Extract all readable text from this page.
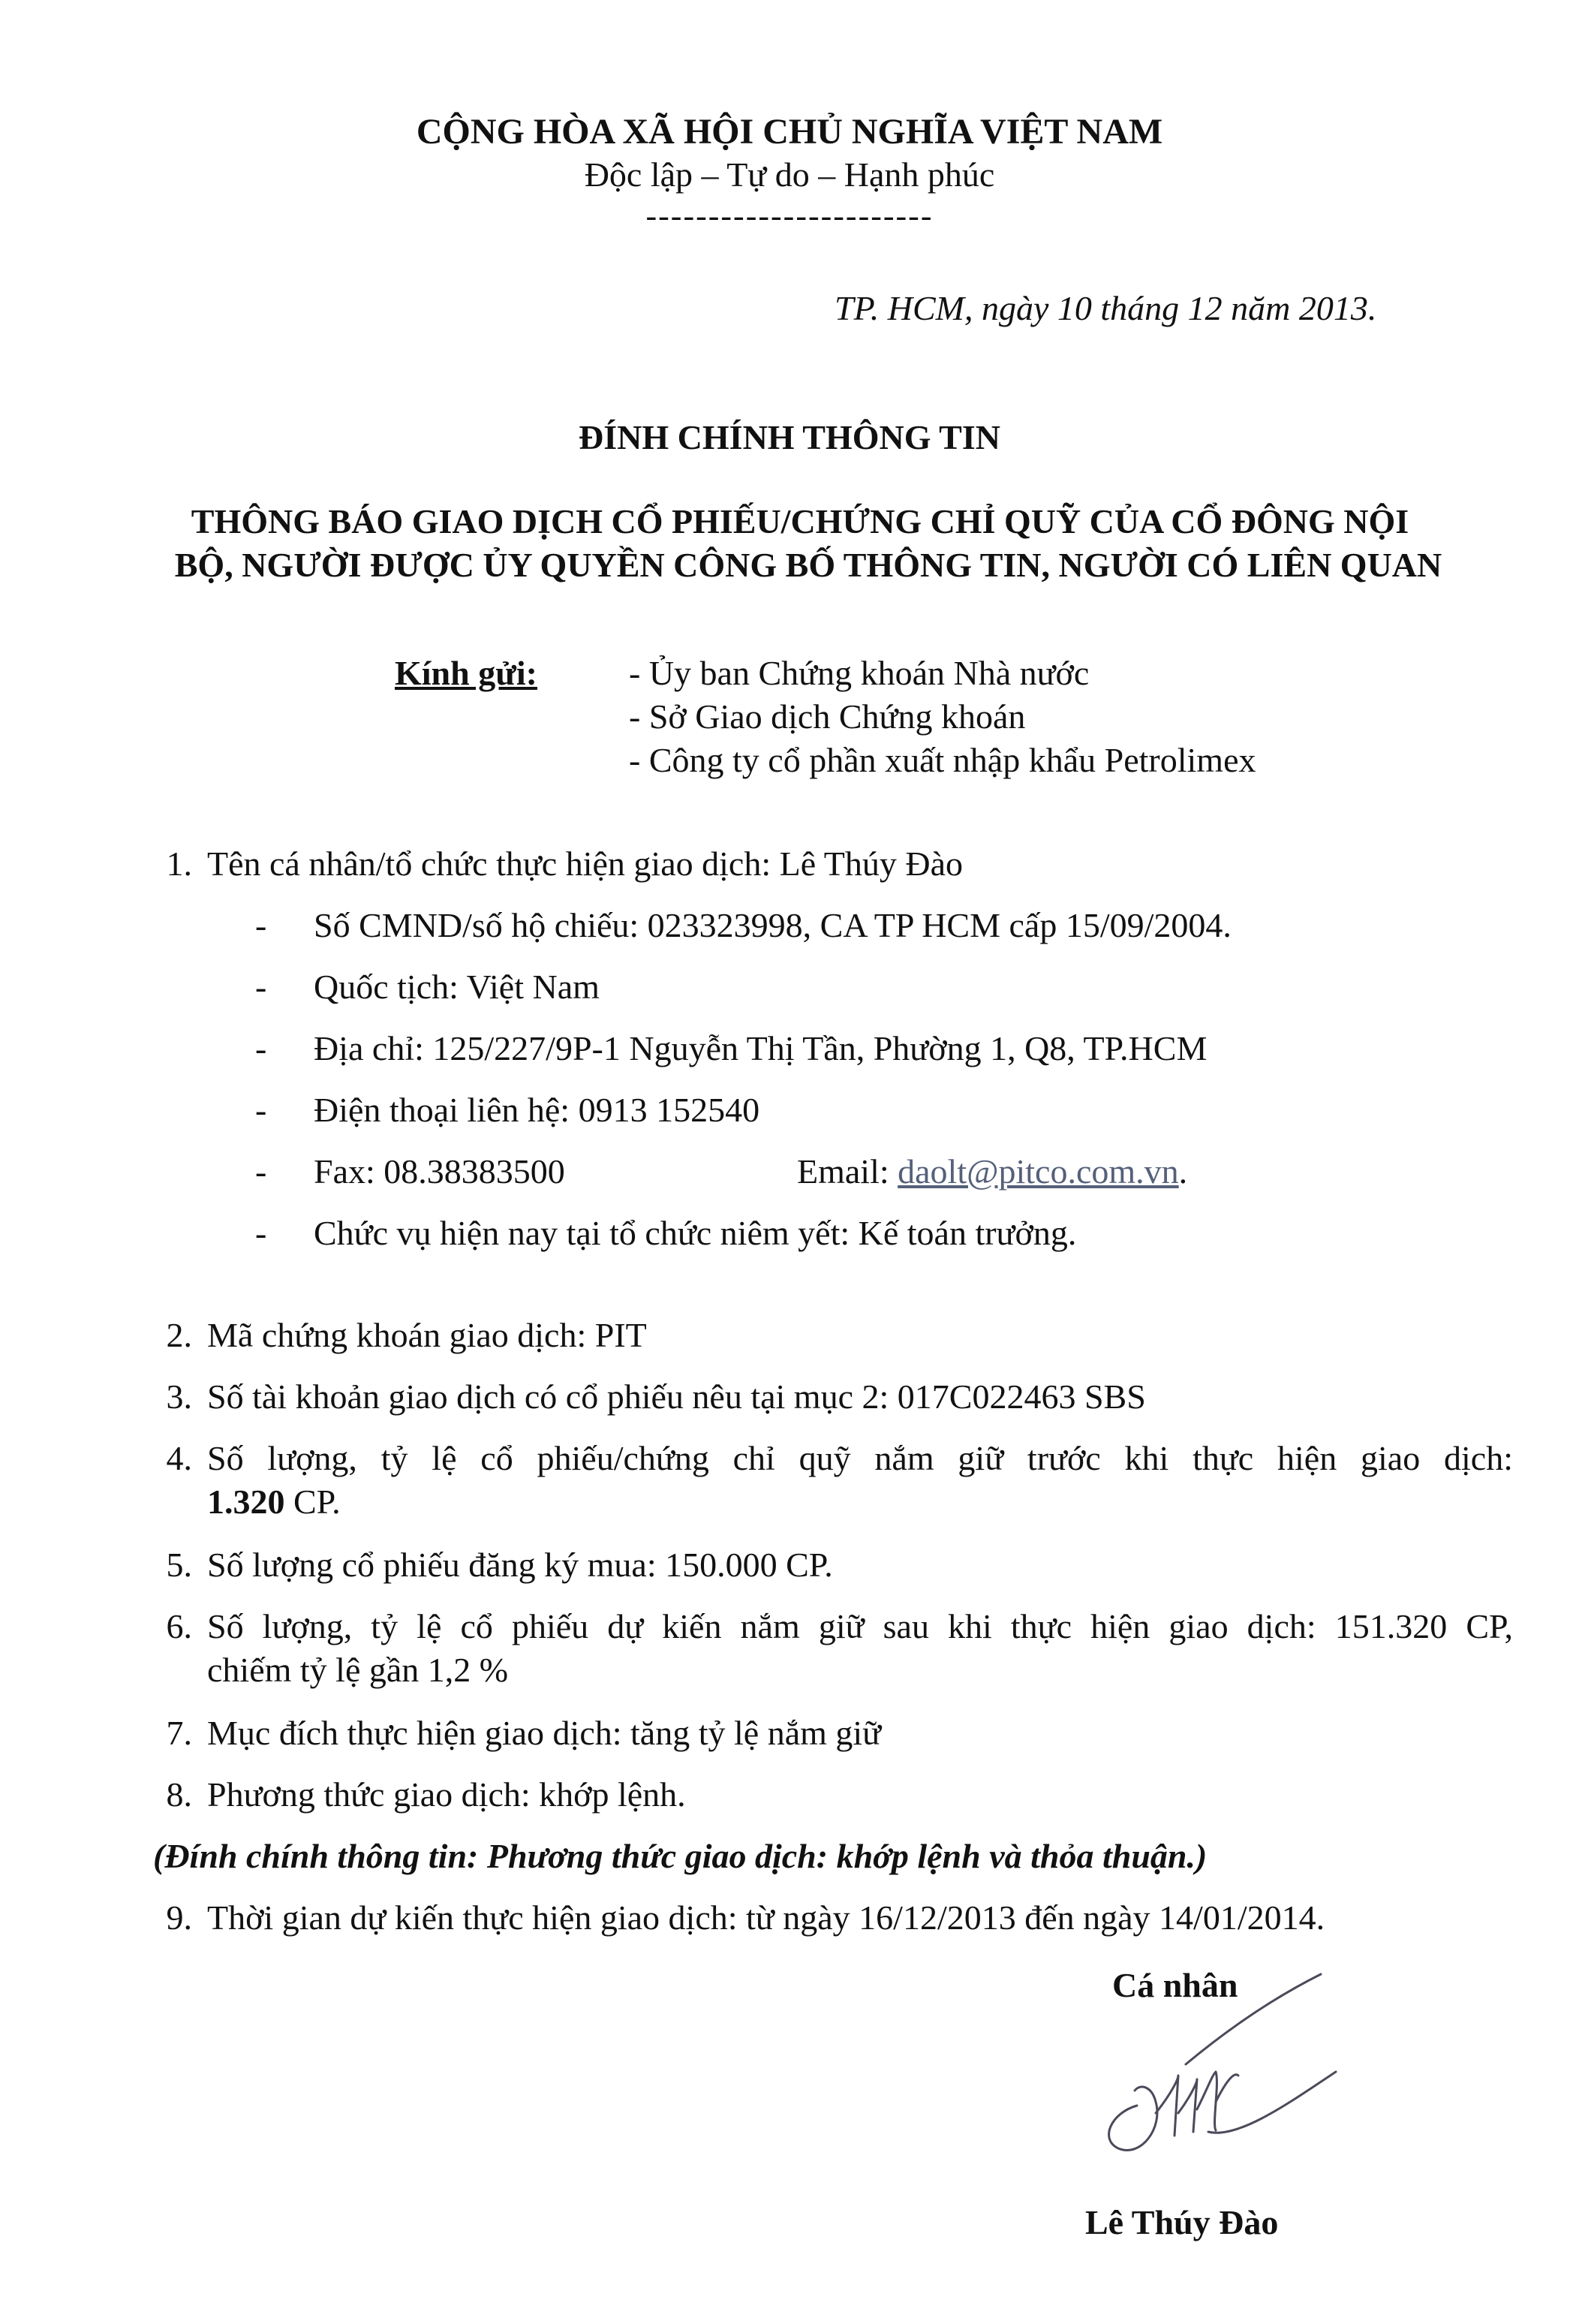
CỘNG HÒA XÃ HỘI CHỦ NGHĨA VIỆT NAM
Độc lập – Tự do – Hạnh phúc
-----------------------
TP. HCM, ngày 10 tháng 12 năm 2013.
ĐÍNH CHÍNH THÔNG TIN
THÔNG BÁO GIAO DỊCH CỔ PHIẾU/CHỨNG CHỈ QUỸ CỦA CỔ ĐÔNG NỘI
BỘ, NGƯỜI ĐƯỢC ỦY QUYỀN CÔNG BỐ THÔNG TIN, NGƯỜI CÓ LIÊN QUAN
Kính gửi:	- Ủy ban Chứng khoán Nhà nước
- Sở Giao dịch Chứng khoán
- Công ty cổ phần xuất nhập khẩu Petrolimex
1. Tên cá nhân/tổ chức thực hiện giao dịch: Lê Thúy Đào
- Số CMND/số hộ chiếu: 023323998, CA TP HCM cấp 15/09/2004.
- Quốc tịch: Việt Nam
- Địa chỉ: 125/227/9P-1 Nguyễn Thị Tần, Phường 1, Q8, TP.HCM
- Điện thoại liên hệ: 0913 152540
- Fax: 08.38383500	Email: daolt@pitco.com.vn.
- Chức vụ hiện nay tại tổ chức niêm yết: Kế toán trưởng.
2. Mã chứng khoán giao dịch: PIT
3. Số tài khoản giao dịch có cổ phiếu nêu tại mục 2: 017C022463 SBS
4. Số lượng, tỷ lệ cổ phiếu/chứng chỉ quỹ nắm giữ trước khi thực hiện giao dịch:
1.320 CP.
5. Số lượng cổ phiếu đăng ký mua: 150.000 CP.
6. Số lượng, tỷ lệ cổ phiếu dự kiến nắm giữ sau khi thực hiện giao dịch: 151.320 CP,
chiếm tỷ lệ gần 1,2 %
7. Mục đích thực hiện giao dịch: tăng tỷ lệ nắm giữ
8. Phương thức giao dịch: khớp lệnh.
(Đính chính thông tin: Phương thức giao dịch: khớp lệnh và thỏa thuận.)
9. Thời gian dự kiến thực hiện giao dịch: từ ngày 16/12/2013 đến ngày 14/01/2014.
Cá nhân
Lê Thúy Đào
